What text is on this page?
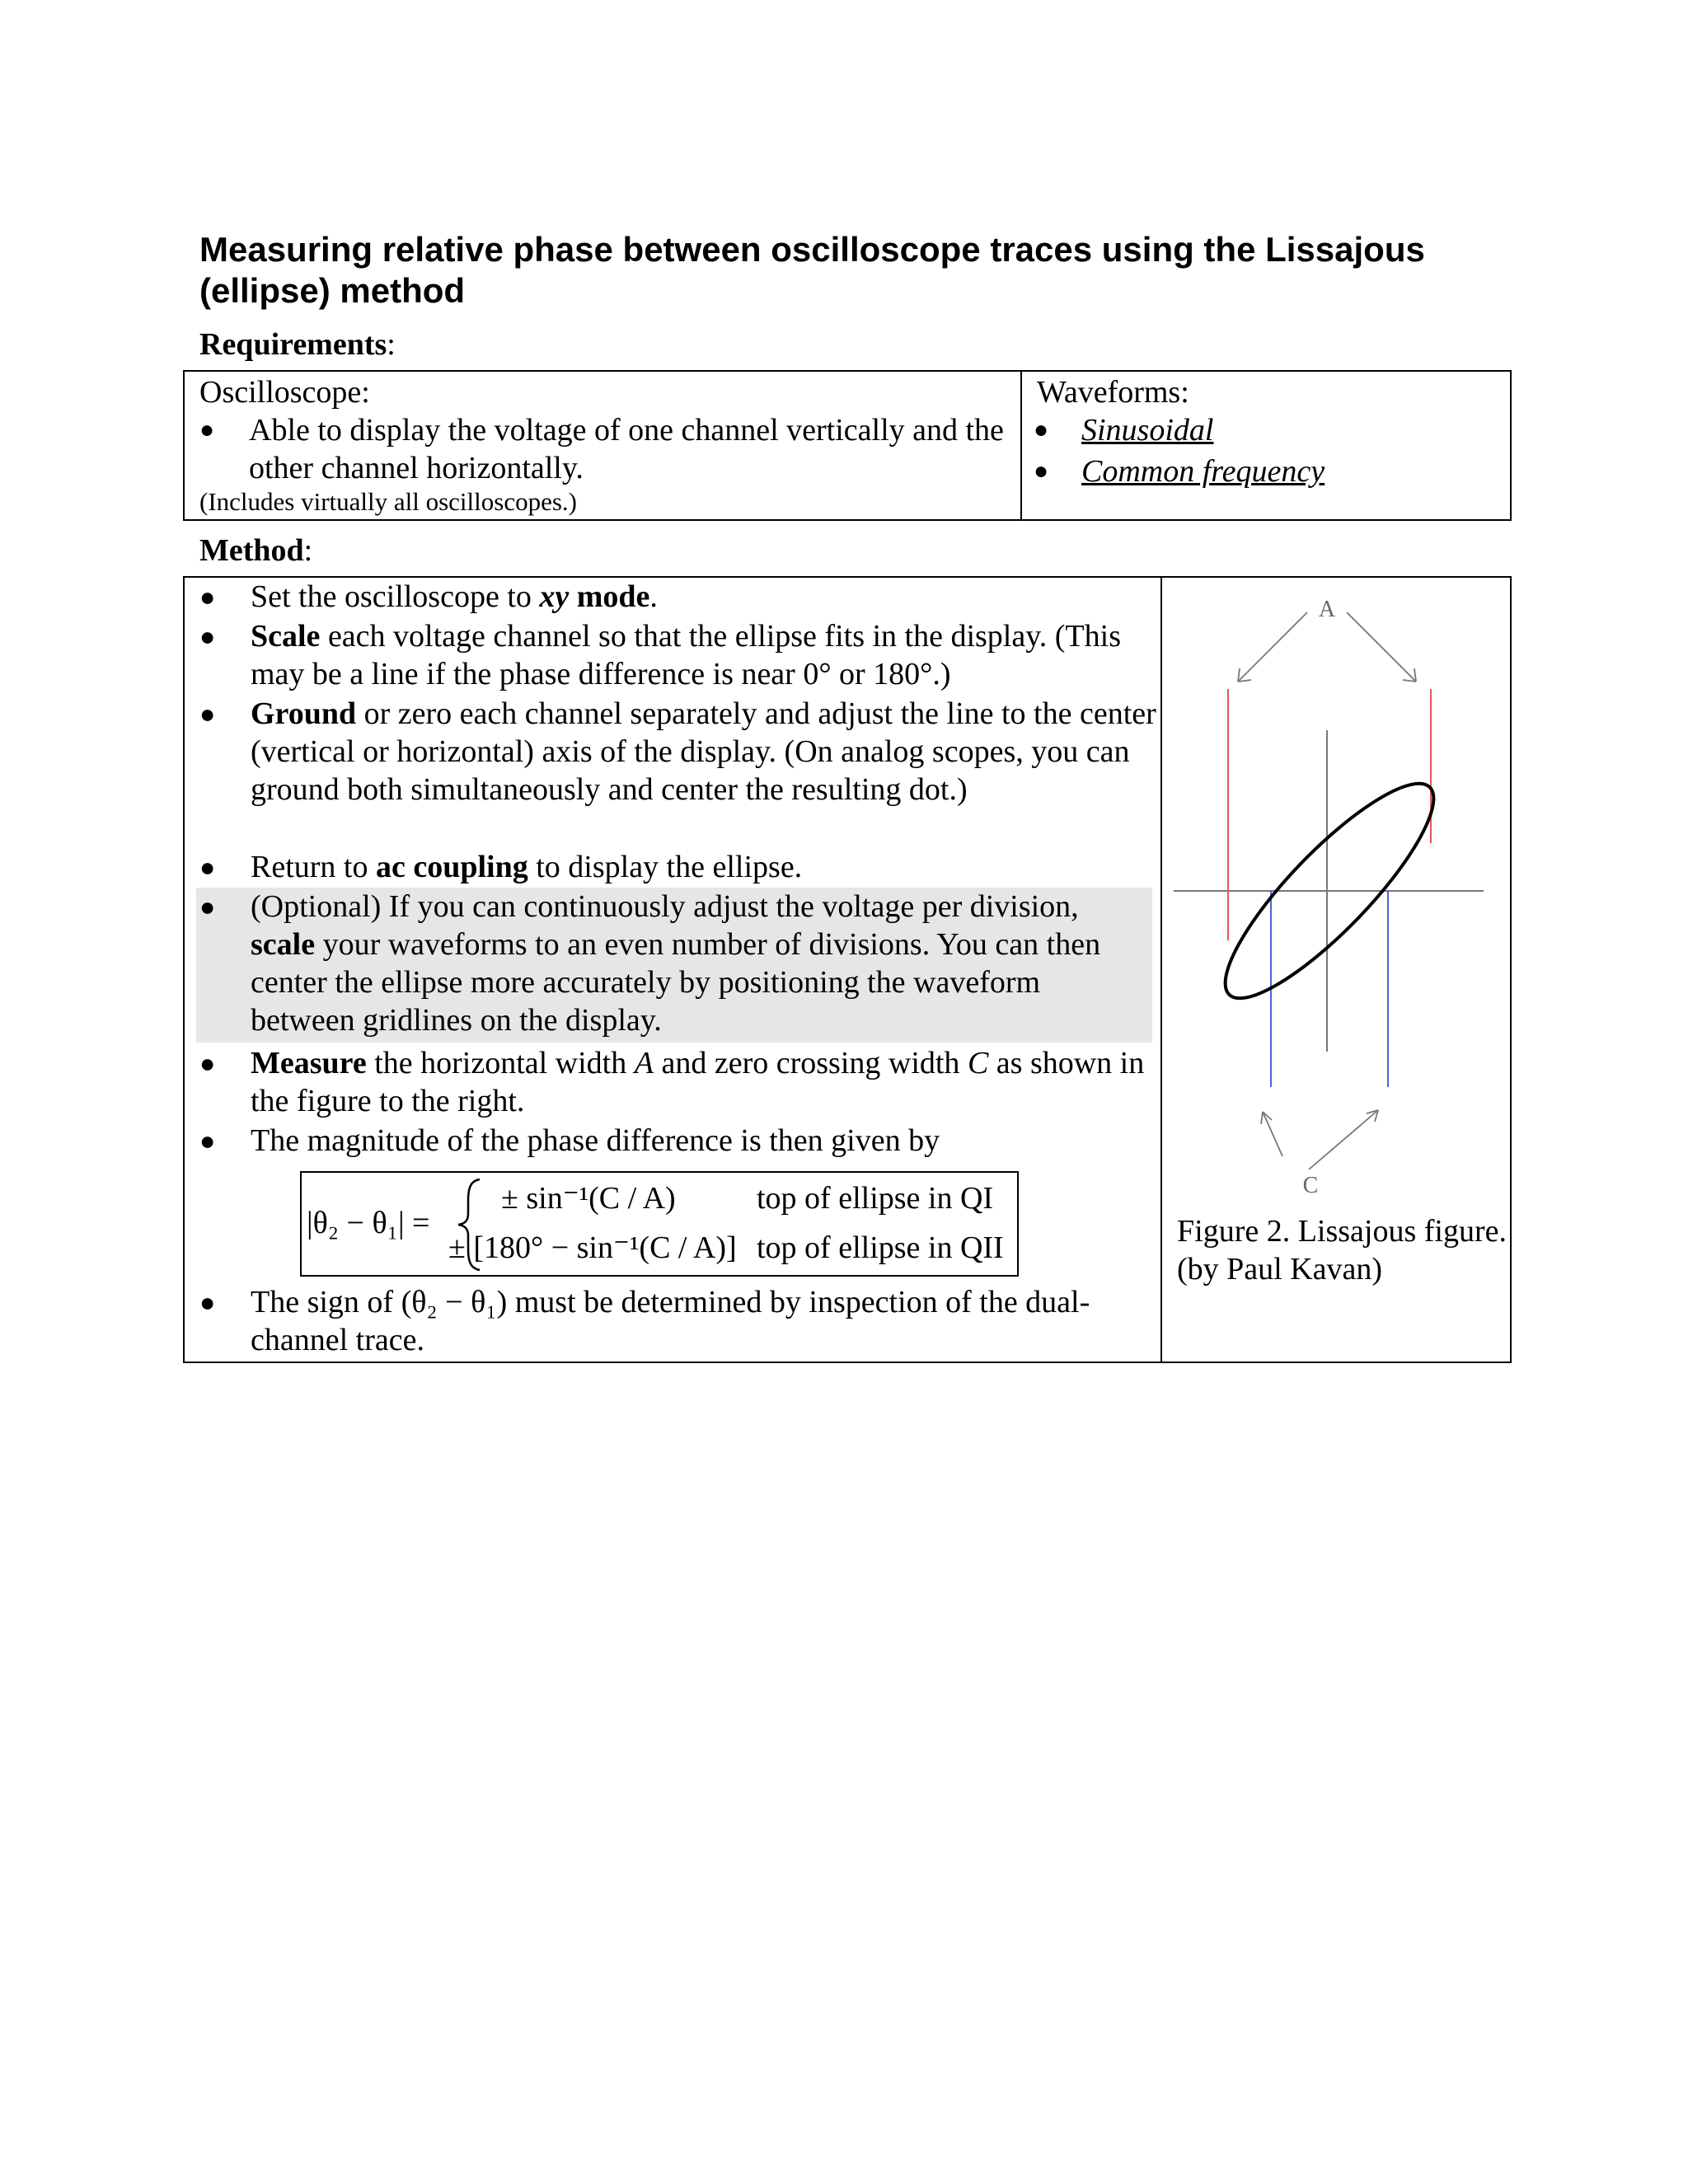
Measuring relative phase between oscilloscope traces using the Lissajous (ellipse) method

Requirements:

Oscilloscope:
● Able to display the voltage of one channel vertically and the other channel horizontally.
(Includes virtually all oscilloscopes.)
Waveforms:
● Sinusoidal
● Common frequency

Method:

● Set the oscilloscope to xy mode.
● Scale each voltage channel so that the ellipse fits in the display. (This may be a line if the phase difference is near 0° or 180°.)
● Ground or zero each channel separately and adjust the line to the center (vertical or horizontal) axis of the display. (On analog scopes, you can ground both simultaneously and center the resulting dot.)
● Return to ac coupling to display the ellipse.
● (Optional) If you can continuously adjust the voltage per division, scale your waveforms to an even number of divisions. You can then center the ellipse more accurately by positioning the waveform between gridlines on the display.
● Measure the horizontal width A and zero crossing width C as shown in the figure to the right.
● The magnitude of the phase difference is then given by
|θ₂ − θ₁| =
± sin⁻¹(C / A)	top of ellipse in QI
± [180° − sin⁻¹(C / A)] top of ellipse in QII
● The sign of (θ₂ − θ₁) must be determined by inspection of the dual-channel trace.
A
C
Figure 2. Lissajous figure. (by Paul Kavan)
